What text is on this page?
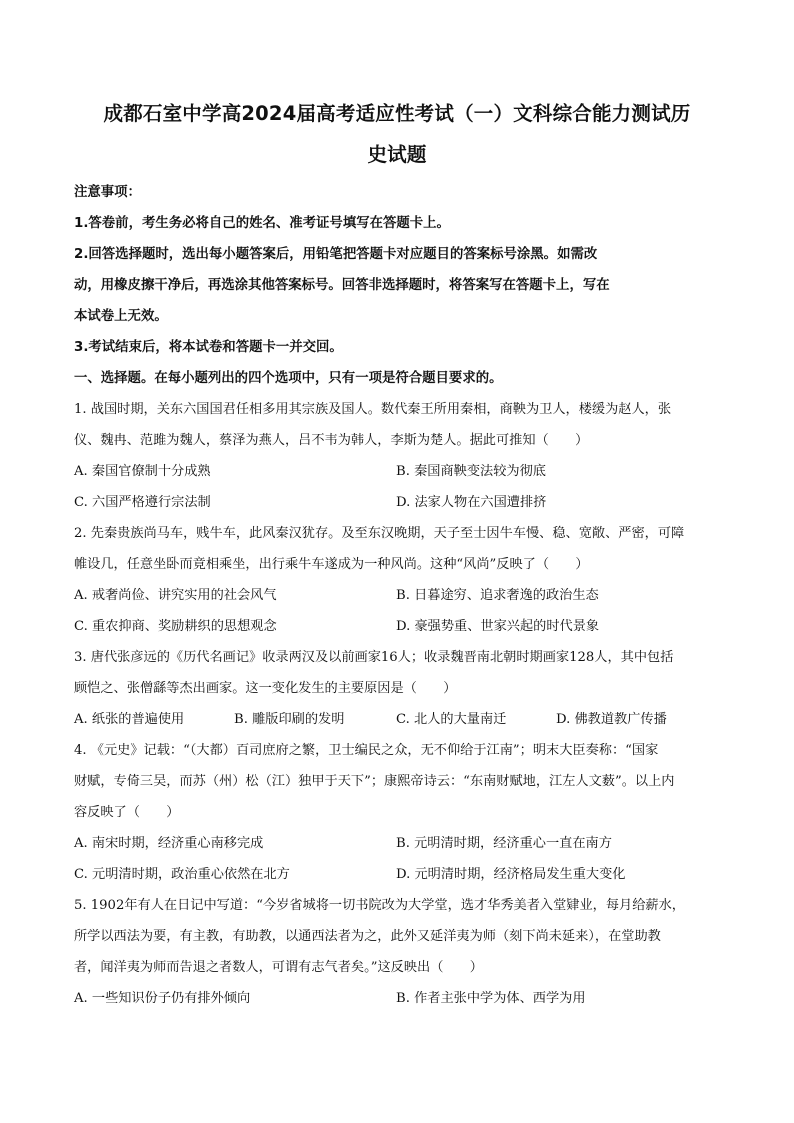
成都石室中学高2024届高考适应性考试（一）文科综合能力测试历
史试题
注意事项：
1.答卷前，考生务必将自己的姓名、准考证号填写在答题卡上。
2.回答选择题时，选出每小题答案后，用铅笔把答题卡对应题目的答案标号涂黑。如需改
动，用橡皮擦干净后，再选涂其他答案标号。回答非选择题时，将答案写在答题卡上，写在
本试卷上无效。
3.考试结束后，将本试卷和答题卡一并交回。
一、选择题。在每小题列出的四个选项中，只有一项是符合题目要求的。
1. 战国时期，关东六国国君任相多用其宗族及国人。数代秦王所用秦相，商鞅为卫人，楼缓为赵人，张
仪、魏冉、范雎为魏人，蔡泽为燕人，吕不韦为韩人，李斯为楚人。据此可推知（　　）
A. 秦国官僚制十分成熟	B. 秦国商鞅变法较为彻底
C. 六国严格遵行宗法制	D. 法家人物在六国遭排挤
2. 先秦贵族尚马车，贱牛车，此风秦汉犹存。及至东汉晚期，天子至士因牛车慢、稳、宽敞、严密，可障
帷设几，任意坐卧而竟相乘坐，出行乘牛车遂成为一种风尚。这种“风尚”反映了（　　）
A. 戒奢尚俭、讲究实用的社会风气	B. 日暮途穷、追求奢逸的政治生态
C. 重农抑商、奖励耕织的思想观念	D. 豪强势重、世家兴起的时代景象
3. 唐代张彦远的《历代名画记》收录两汉及以前画家16人；收录魏晋南北朝时期画家128人，其中包括
顾恺之、张僧繇等杰出画家。这一变化发生的主要原因是（　　）
A. 纸张的普遍使用	B. 雕版印刷的发明	C. 北人的大量南迁	D. 佛教道教广传播
4. 《元史》记载：“（大都）百司庶府之繁，卫士编民之众，无不仰给于江南”；明末大臣奏称：“国家
财赋，专倚三吴，而苏（州）松（江）独甲于天下”；康熙帝诗云：“东南财赋地，江左人文薮”。以上内
容反映了（　　）
A. 南宋时期，经济重心南移完成	B. 元明清时期，经济重心一直在南方
C. 元明清时期，政治重心依然在北方	D. 元明清时期，经济格局发生重大变化
5. 1902年有人在日记中写道：“今岁省城将一切书院改为大学堂，选才华秀美者入堂肄业，每月给薪水，
所学以西法为要，有主教，有助教，以通西法者为之，此外又延洋夷为师（刻下尚未延来），在堂助教
者，闻洋夷为师而告退之者数人，可谓有志气者矣。”这反映出（　　）
A. 一些知识份子仍有排外倾向	B. 作者主张中学为体、西学为用
